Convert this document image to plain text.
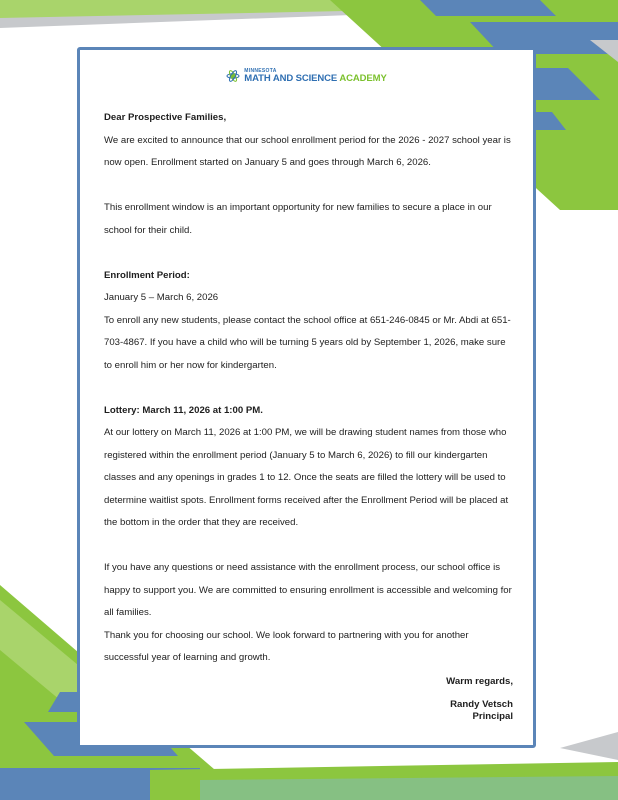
MINNESOTA
MATH AND SCIENCE ACADEMY

Dear Prospective Families,

We are excited to announce that our school enrollment period for the 2026 - 2027 school year is now open. Enrollment started on January 5 and goes through March 6, 2026.

This enrollment window is an important opportunity for new families to secure a place in our school for their child.

Enrollment Period:

January 5 – March 6, 2026

To enroll any new students, please contact the school office at 651-246-0845 or Mr. Abdi at 651-703-4867. If you have a child who will be turning 5 years old by September 1, 2026, make sure to enroll him or her now for kindergarten.

Lottery: March 11, 2026 at 1:00 PM.

At our lottery on March 11, 2026 at 1:00 PM, we will be drawing student names from those who registered within the enrollment period (January 5 to March 6, 2026) to fill our kindergarten classes and any openings in grades 1 to 12. Once the seats are filled the lottery will be used to determine waitlist spots. Enrollment forms received after the Enrollment Period will be placed at the bottom in the order that they are received.

If you have any questions or need assistance with the enrollment process, our school office is happy to support you. We are committed to ensuring enrollment is accessible and welcoming for all families.

Thank you for choosing our school. We look forward to partnering with you for another successful year of learning and growth.

Warm regards,

Randy Vetsch

Principal
